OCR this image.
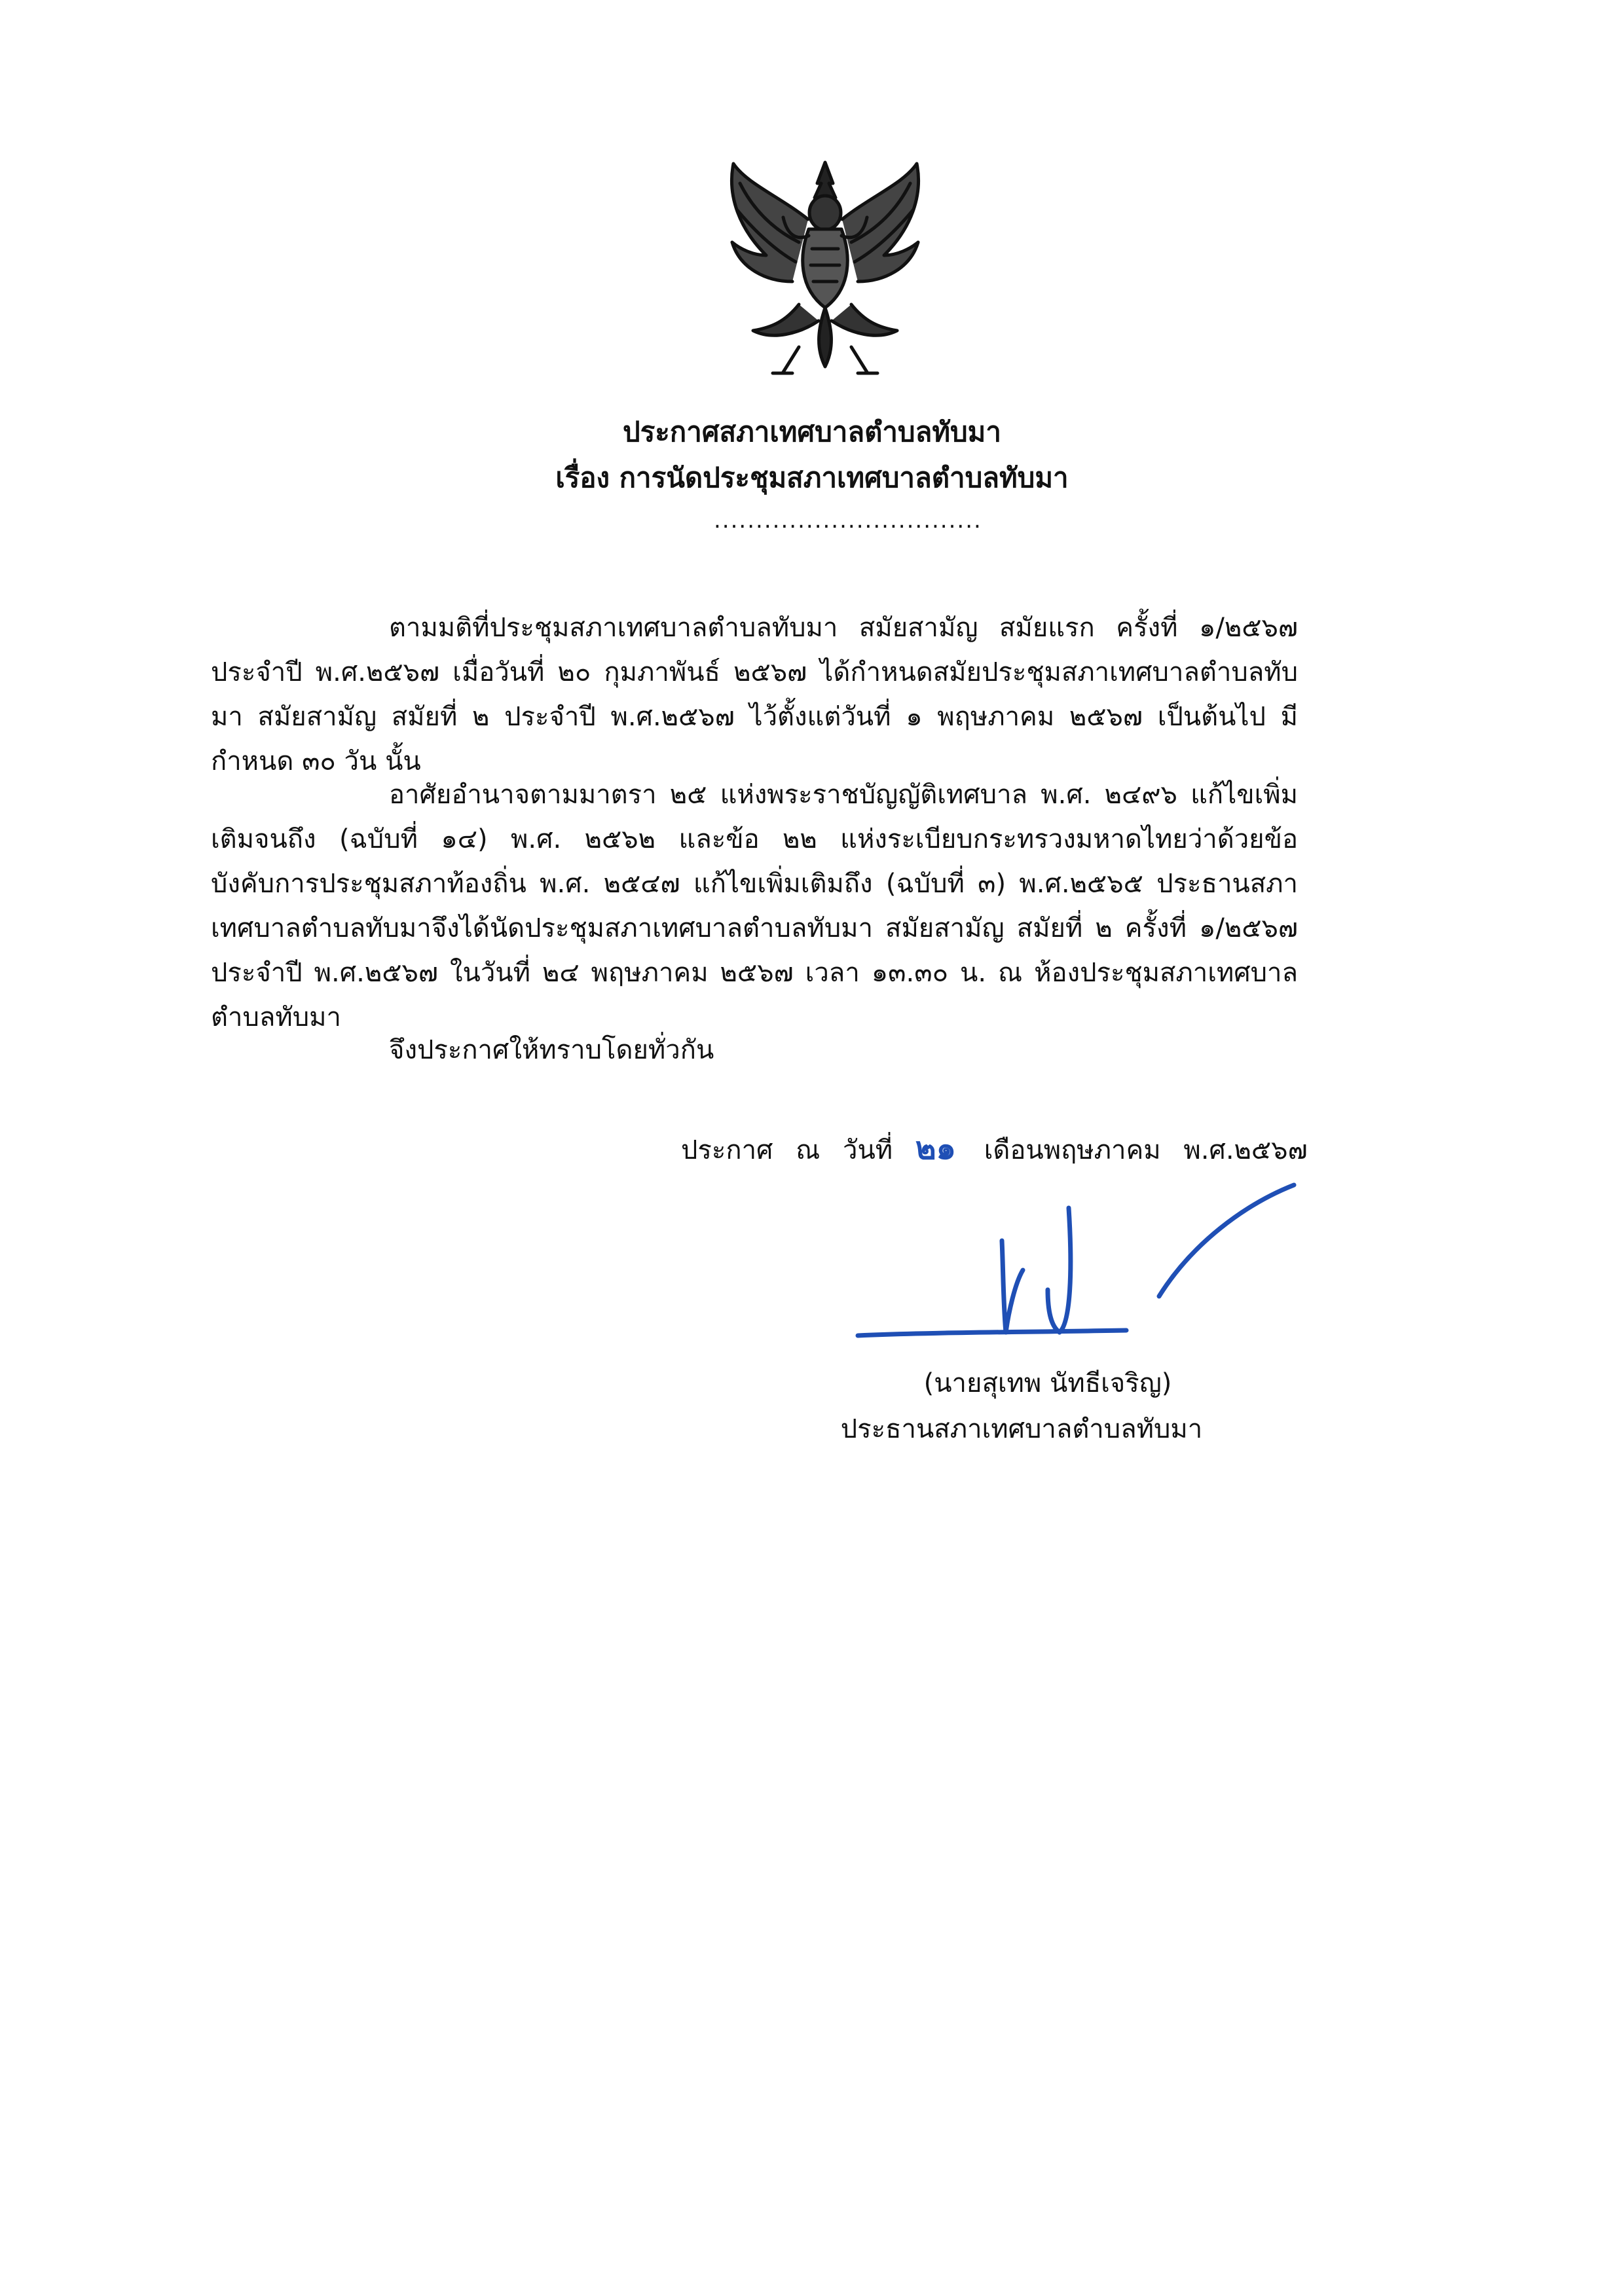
ประกาศสภาเทศบาลตำบลทับมา
เรื่อง การนัดประชุมสภาเทศบาลตำบลทับมา
................................

ตามมติที่ประชุมสภาเทศบาลตำบลทับมา สมัยสามัญ สมัยแรก ครั้งที่ ๑/๒๕๖๗ ประจำปี พ.ศ.๒๕๖๗ เมื่อวันที่ ๒๐ กุมภาพันธ์ ๒๕๖๗ ได้กำหนดสมัยประชุมสภาเทศบาลตำบลทับมา สมัยสามัญ สมัยที่ ๒ ประจำปี พ.ศ.๒๕๖๗ ไว้ตั้งแต่วันที่ ๑ พฤษภาคม ๒๕๖๗ เป็นต้นไป มีกำหนด ๓๐ วัน นั้น

อาศัยอำนาจตามมาตรา ๒๕ แห่งพระราชบัญญัติเทศบาล พ.ศ. ๒๔๙๖ แก้ไขเพิ่มเติมจนถึง (ฉบับที่ ๑๔) พ.ศ. ๒๕๖๒ และข้อ ๒๒ แห่งระเบียบกระทรวงมหาดไทยว่าด้วยข้อบังคับการประชุมสภาท้องถิ่น พ.ศ. ๒๕๔๗ แก้ไขเพิ่มเติมถึง (ฉบับที่ ๓) พ.ศ.๒๕๖๕ ประธานสภาเทศบาลตำบลทับมาจึงได้นัดประชุมสภาเทศบาลตำบลทับมา สมัยสามัญ สมัยที่ ๒ ครั้งที่ ๑/๒๕๖๗ ประจำปี พ.ศ.๒๕๖๗ ในวันที่ ๒๔ พฤษภาคม ๒๕๖๗ เวลา ๑๓.๓๐ น. ณ ห้องประชุมสภาเทศบาลตำบลทับมา

จึงประกาศให้ทราบโดยทั่วกัน
ประกาศ ณ วันที่ ๒๑ เดือนพฤษภาคม พ.ศ.๒๕๖๗
(นายสุเทพ นัทธีเจริญ)
ประธานสภาเทศบาลตำบลทับมา
